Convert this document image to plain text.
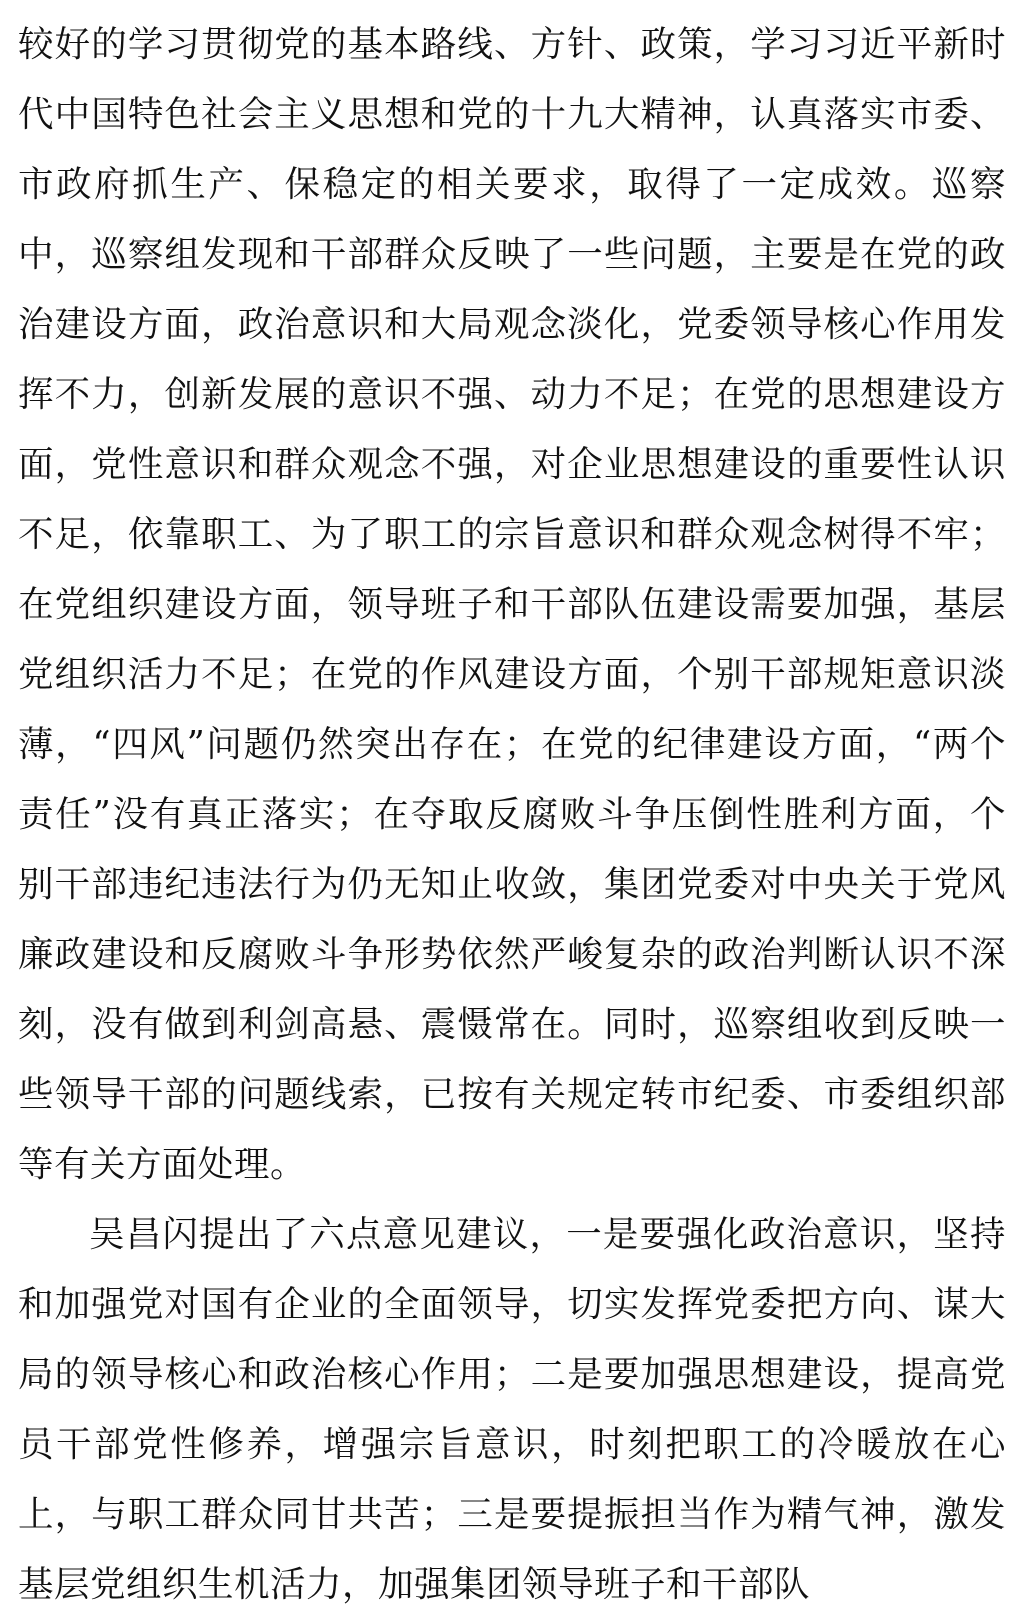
较好的学习贯彻党的基本路线、方针、政策，学习习近平新时代中国特色社会主义思想和党的十九大精神，认真落实市委、市政府抓生产、保稳定的相关要求，取得了一定成效。巡察中，巡察组发现和干部群众反映了一些问题，主要是在党的政治建设方面，政治意识和大局观念淡化，党委领导核心作用发挥不力，创新发展的意识不强、动力不足；在党的思想建设方面，党性意识和群众观念不强，对企业思想建设的重要性认识不足，依靠职工、为了职工的宗旨意识和群众观念树得不牢；在党组织建设方面，领导班子和干部队伍建设需要加强，基层党组织活力不足；在党的作风建设方面，个别干部规矩意识淡薄，“四风”问题仍然突出存在；在党的纪律建设方面，“两个责任”没有真正落实；在夺取反腐败斗争压倒性胜利方面，个别干部违纪违法行为仍无知止收敛，集团党委对中央关于党风廉政建设和反腐败斗争形势依然严峻复杂的政治判断认识不深刻，没有做到利剑高悬、震慑常在。同时，巡察组收到反映一些领导干部的问题线索，已按有关规定转市纪委、市委组织部等有关方面处理。

吴昌闪提出了六点意见建议，一是要强化政治意识，坚持和加强党对国有企业的全面领导，切实发挥党委把方向、谋大局的领导核心和政治核心作用；二是要加强思想建设，提高党员干部党性修养，增强宗旨意识，时刻把职工的冷暖放在心上，与职工群众同甘共苦；三是要提振担当作为精气神，激发基层党组织生机活力，加强集团领导班子和干部队
